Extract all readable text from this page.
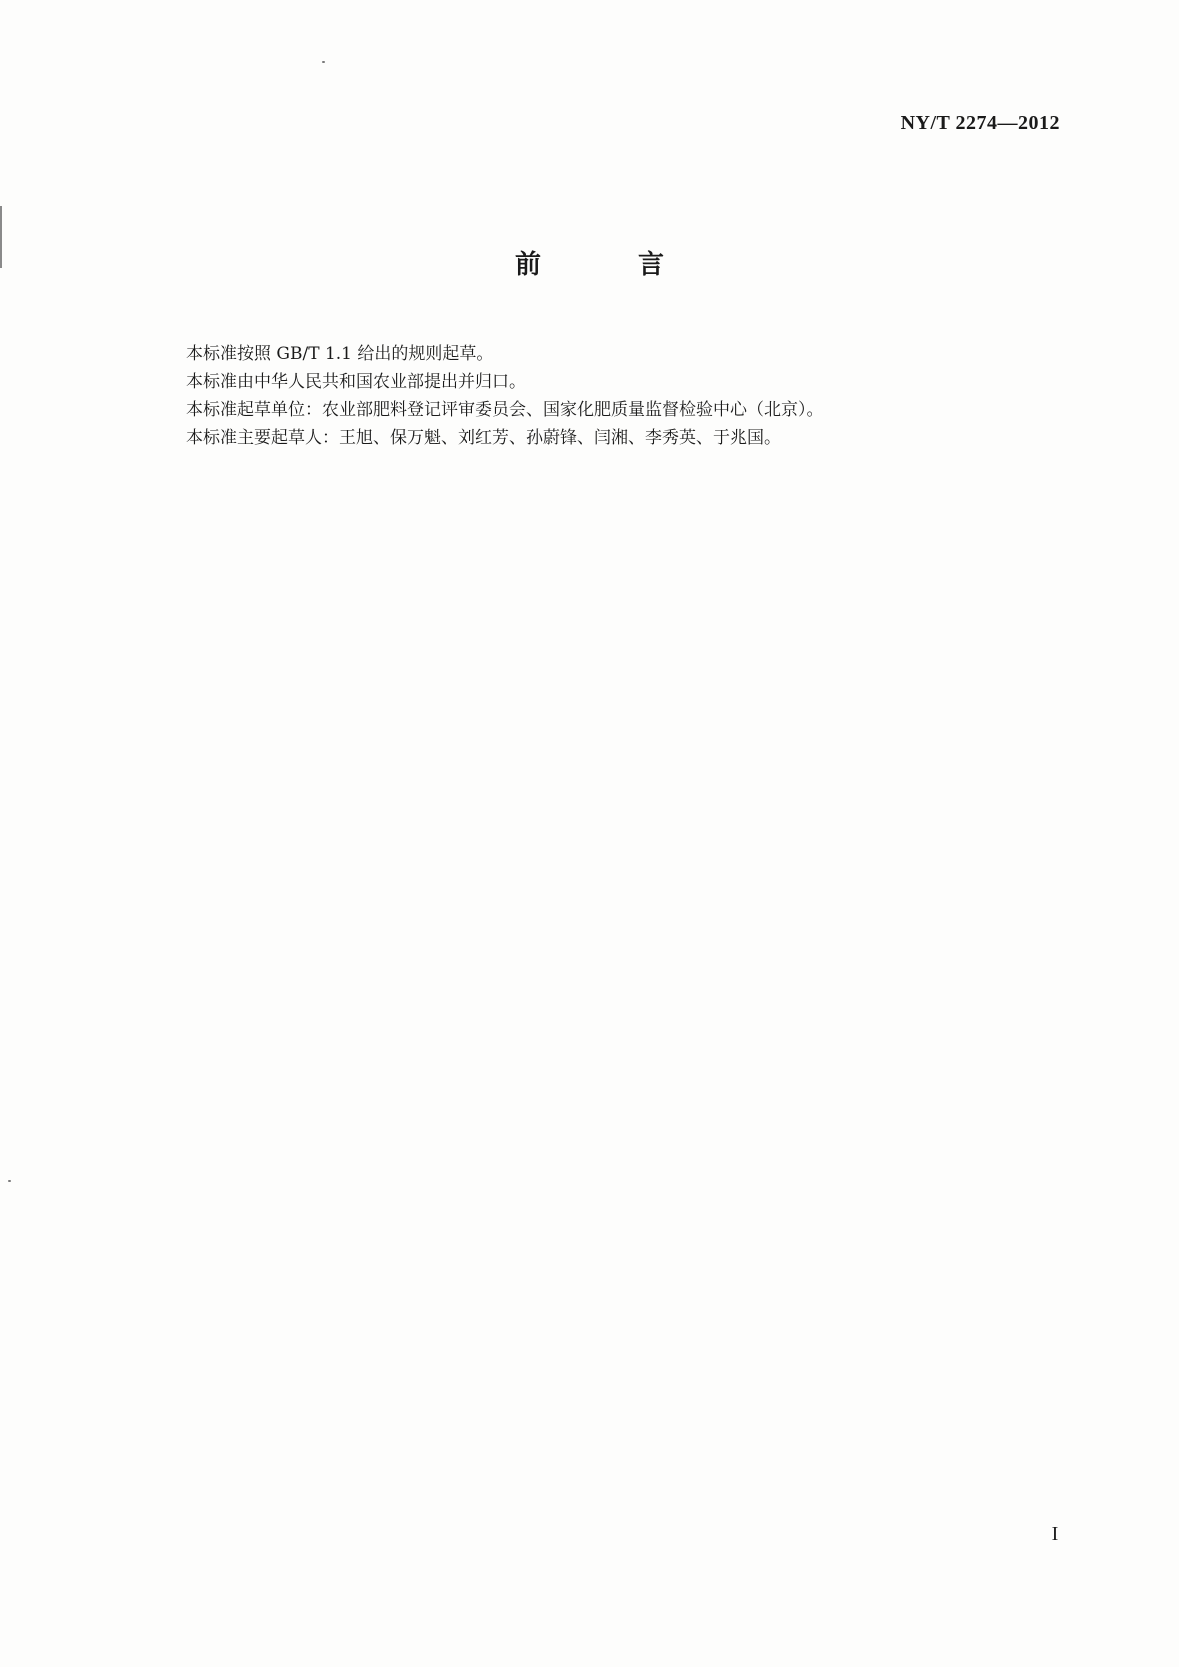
NY/T 2274—2012
前 言

本标准按照 GB/T 1.1 给出的规则起草。

本标准由中华人民共和国农业部提出并归口。

本标准起草单位：农业部肥料登记评审委员会、国家化肥质量监督检验中心（北京）。

本标准主要起草人：王旭、保万魁、刘红芳、孙蔚锋、闫湘、李秀英、于兆国。

I
